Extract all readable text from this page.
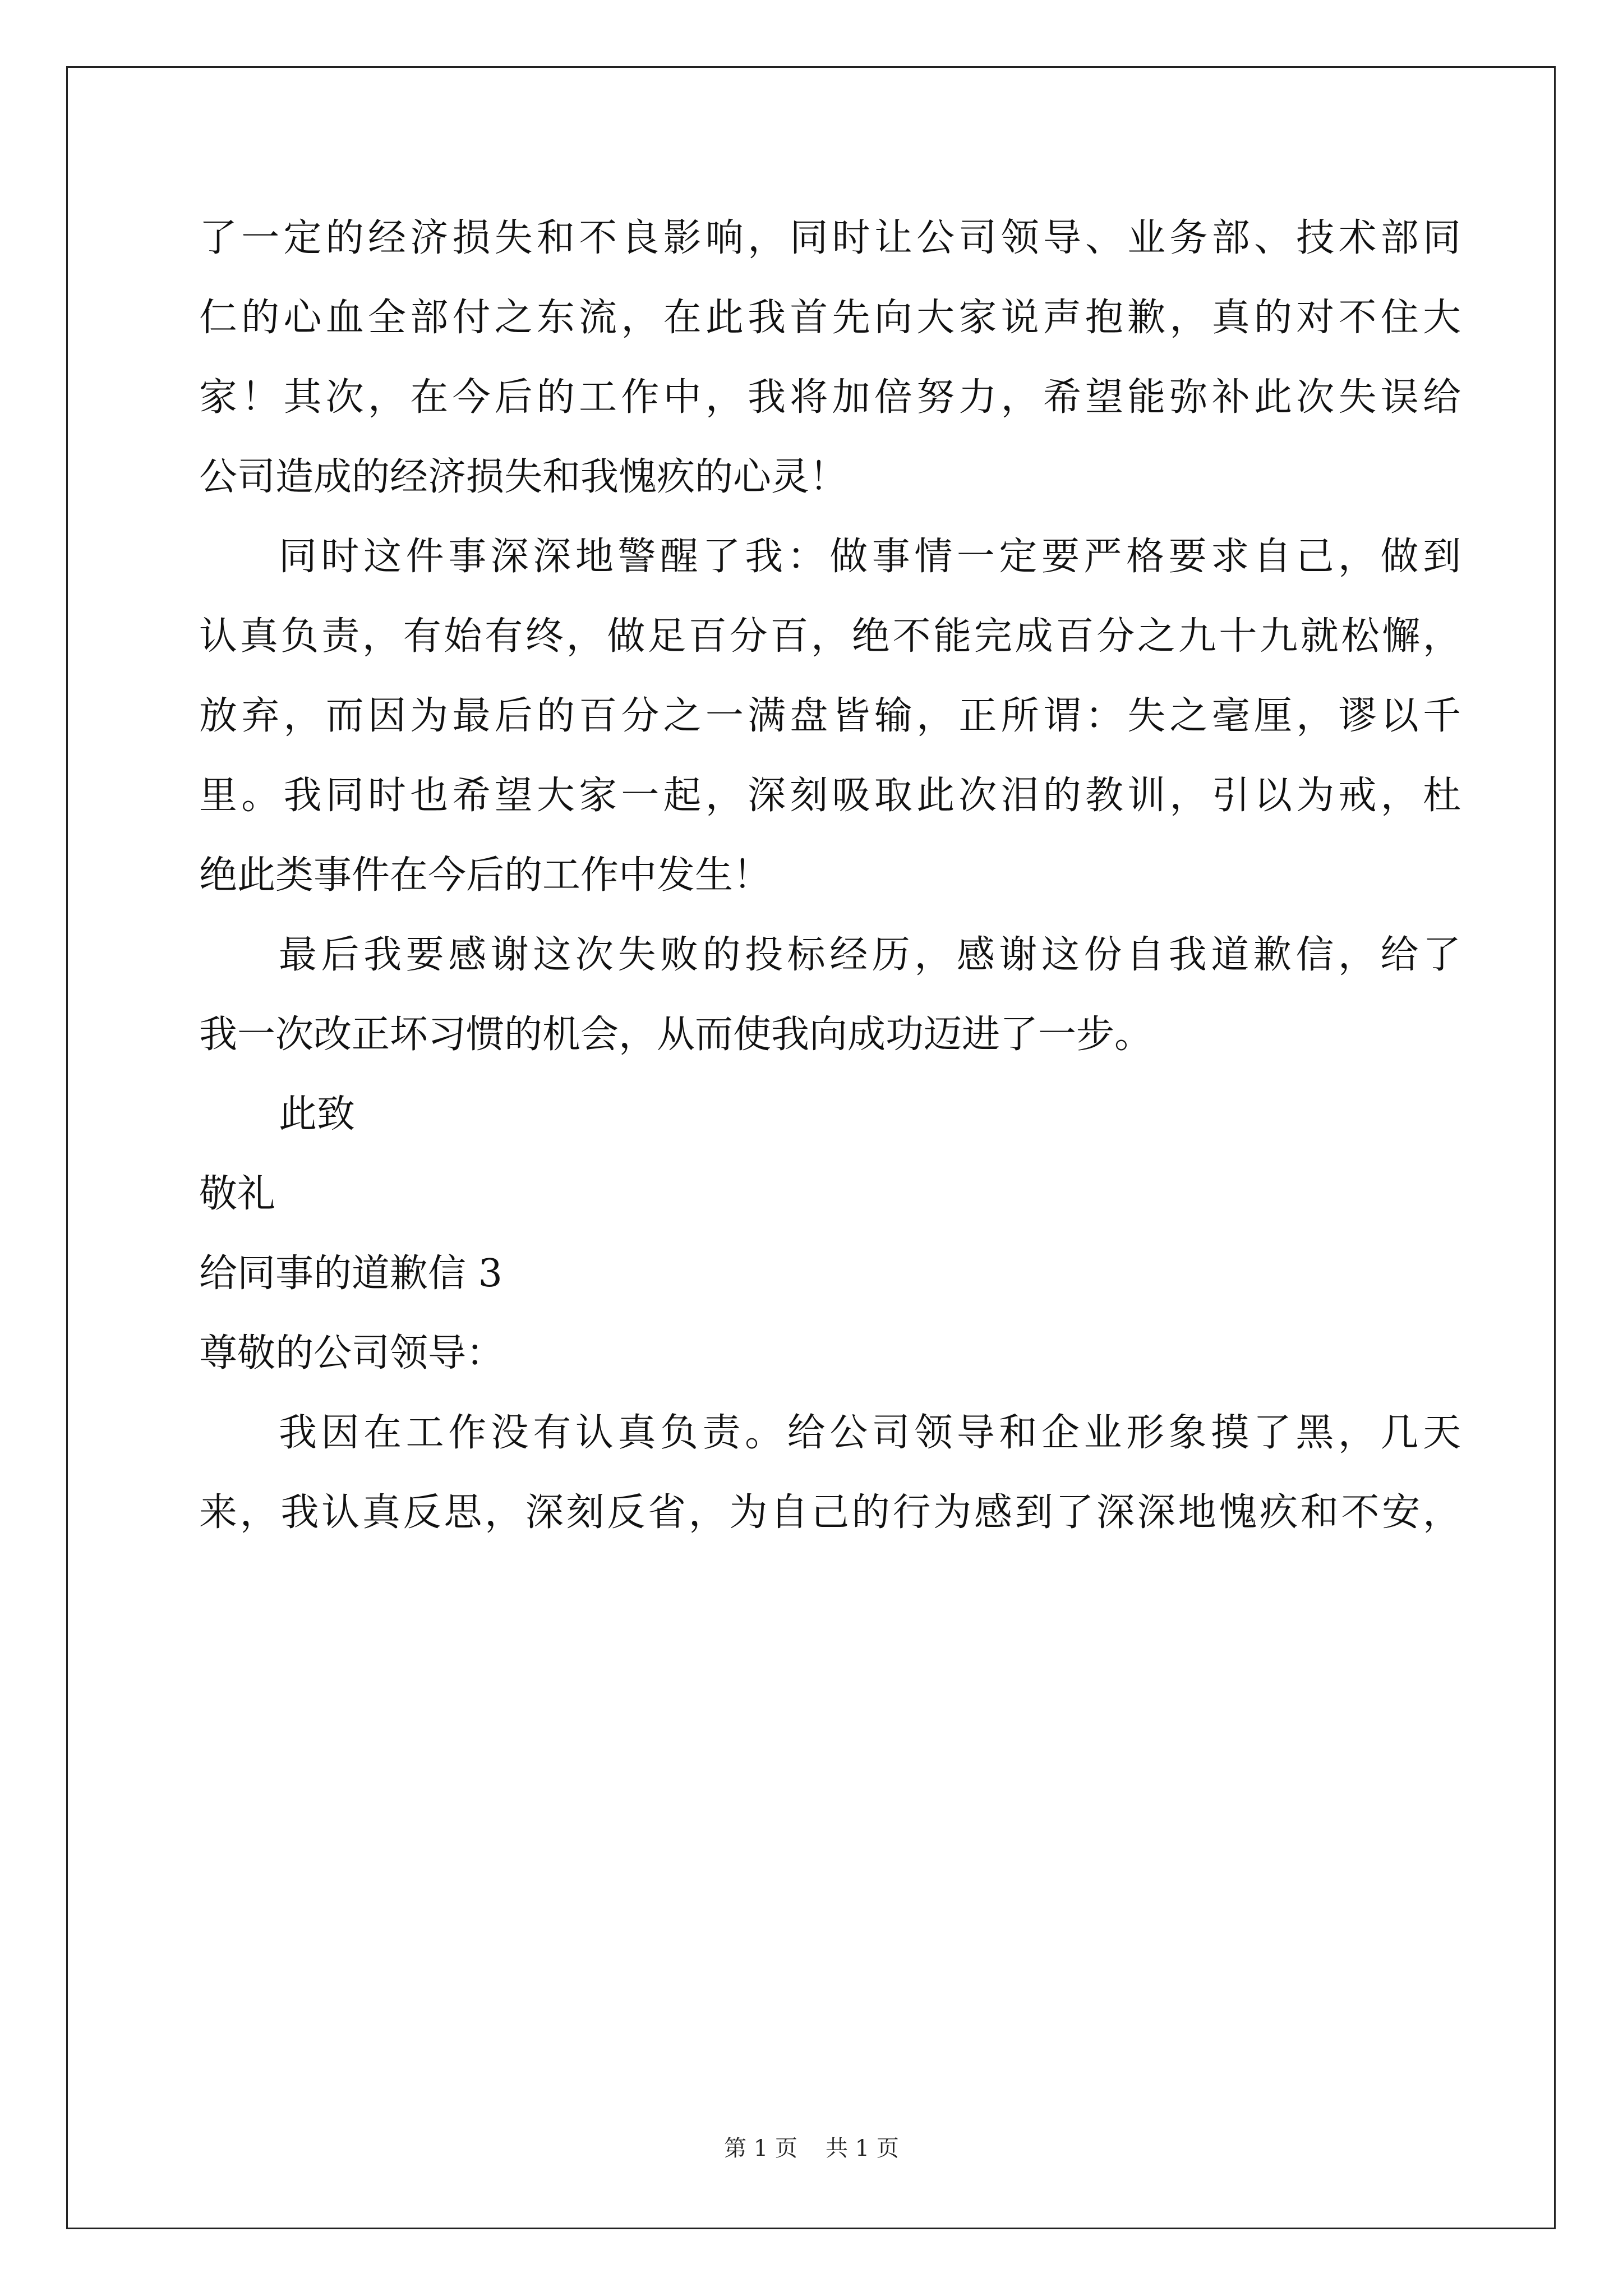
了一定的经济损失和不良影响，同时让公司领导、业务部、技术部同
仁的心血全部付之东流，在此我首先向大家说声抱歉，真的对不住大
家！其次，在今后的工作中，我将加倍努力，希望能弥补此次失误给
公司造成的经济损失和我愧疚的心灵！
同时这件事深深地警醒了我：做事情一定要严格要求自己，做到
认真负责，有始有终，做足百分百，绝不能完成百分之九十九就松懈，
放弃，而因为最后的百分之一满盘皆输，正所谓：失之毫厘，谬以千
里。我同时也希望大家一起，深刻吸取此次泪的教训，引以为戒，杜
绝此类事件在今后的工作中发生！
最后我要感谢这次失败的投标经历，感谢这份自我道歉信，给了
我一次改正坏习惯的机会，从而使我向成功迈进了一步。
此致
敬礼
给同事的道歉信 3
尊敬的公司领导：
我因在工作没有认真负责。给公司领导和企业形象摸了黑，几天
来，我认真反思，深刻反省，为自己的行为感到了深深地愧疚和不安，
第 1 页 共 1 页
